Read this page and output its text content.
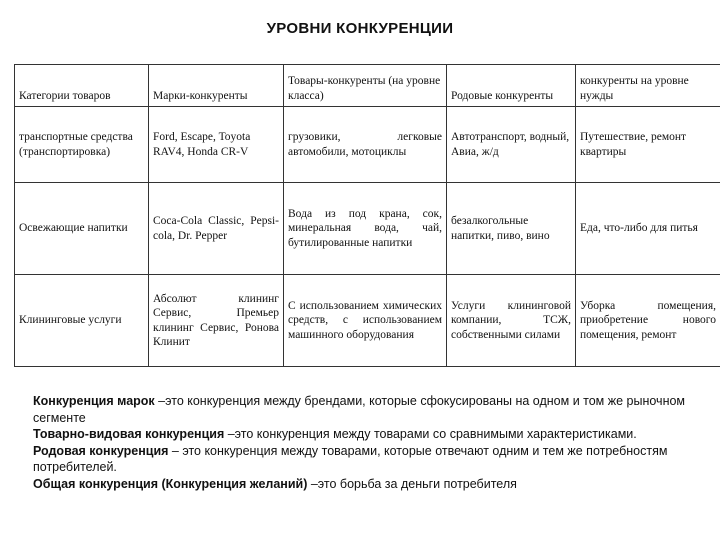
УРОВНИ КОНКУРЕНЦИИ
Категории товаров	Марки-конкуренты	Товары-конкуренты (на уровне класса)	Родовые конкуренты	конкуренты на уровне нужды
транспортные средства (транспортировка)	Ford, Escape, Toyota RAV4, Honda CR-V	грузовики, легковые автомобили, мотоциклы	Автотранспорт, водный, Авиа, ж/д	Путешествие, ремонт квартиры
Освежающие напитки	Coca-Cola Classic, Pepsi-cola, Dr. Pepper	Вода из под крана, сок, минеральная вода, чай, бутилированные напитки	безалкогольные напитки, пиво, вино	Еда, что-либо для питья
Клининговые услуги	Абсолют клининг Сервис, Премьер клининг Сервис, Ронова Клинит	С использованием химических средств, с использованием машинного оборудования	Услуги клининговой компании, ТСЖ, собственными силами	Уборка помещения, приобретение нового помещения, ремонт

Конкуренция марок –это конкуренция между брендами, которые сфокусированы на одном и том же рыночном сегменте

Товарно-видовая конкуренция –это конкуренция между товарами со сравнимыми характеристиками.

Родовая конкуренция – это конкуренция между товарами, которые отвечают одним и тем же потребностям потребителей.

Общая конкуренция (Конкуренция желаний) –это борьба за деньги потребителя
